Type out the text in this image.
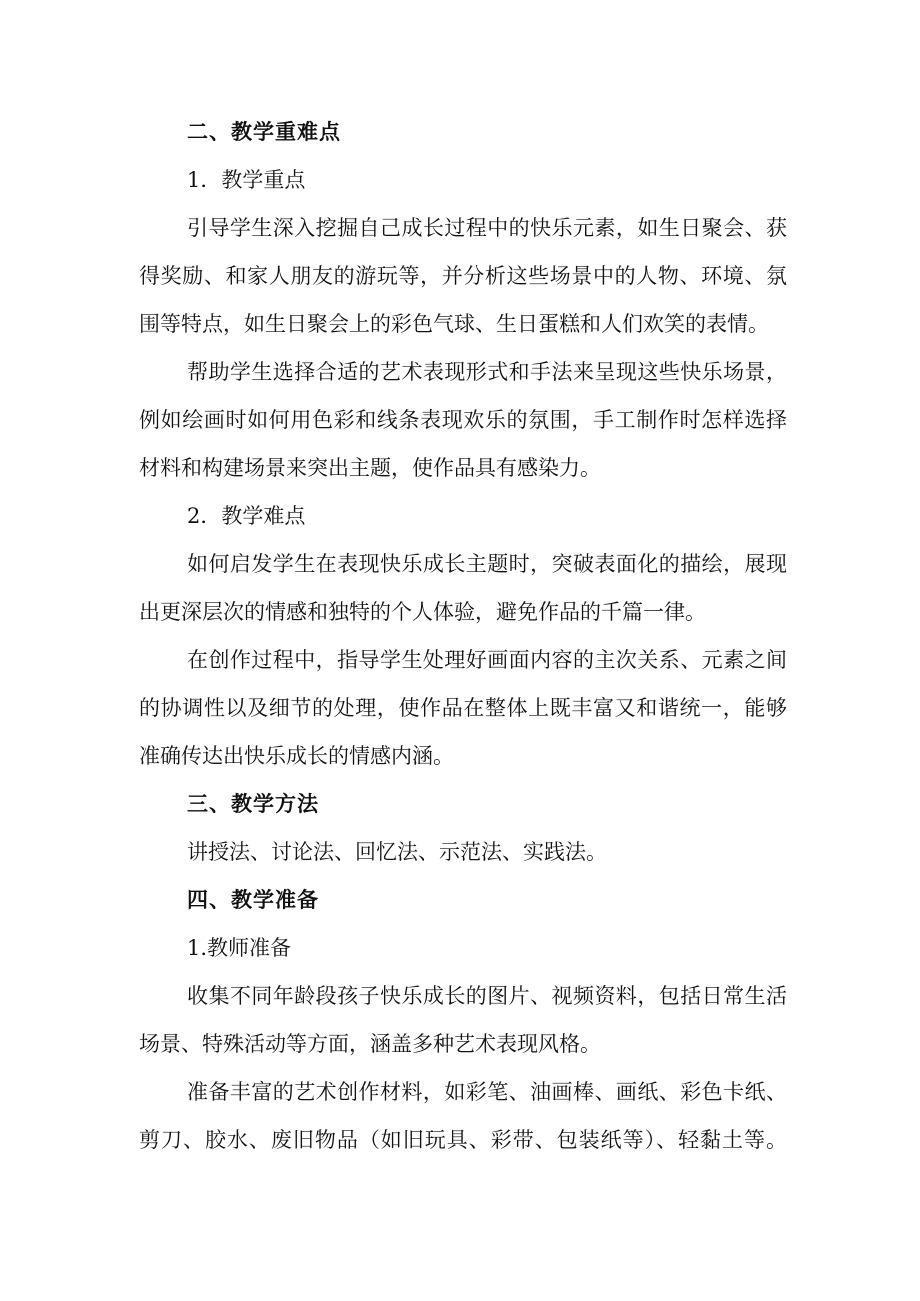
二、教学重难点
1．教学重点
引导学生深入挖掘自己成长过程中的快乐元素，如生日聚会、获
得奖励、和家人朋友的游玩等，并分析这些场景中的人物、环境、氛
围等特点，如生日聚会上的彩色气球、生日蛋糕和人们欢笑的表情。
帮助学生选择合适的艺术表现形式和手法来呈现这些快乐场景，
例如绘画时如何用色彩和线条表现欢乐的氛围，手工制作时怎样选择
材料和构建场景来突出主题，使作品具有感染力。
2．教学难点
如何启发学生在表现快乐成长主题时，突破表面化的描绘，展现
出更深层次的情感和独特的个人体验，避免作品的千篇一律。
在创作过程中，指导学生处理好画面内容的主次关系、元素之间
的协调性以及细节的处理，使作品在整体上既丰富又和谐统一，能够
准确传达出快乐成长的情感内涵。
三、教学方法
讲授法、讨论法、回忆法、示范法、实践法。
四、教学准备
1.教师准备
收集不同年龄段孩子快乐成长的图片、视频资料，包括日常生活
场景、特殊活动等方面，涵盖多种艺术表现风格。
准备丰富的艺术创作材料，如彩笔、油画棒、画纸、彩色卡纸、
剪刀、胶水、废旧物品（如旧玩具、彩带、包装纸等）、轻黏土等。
